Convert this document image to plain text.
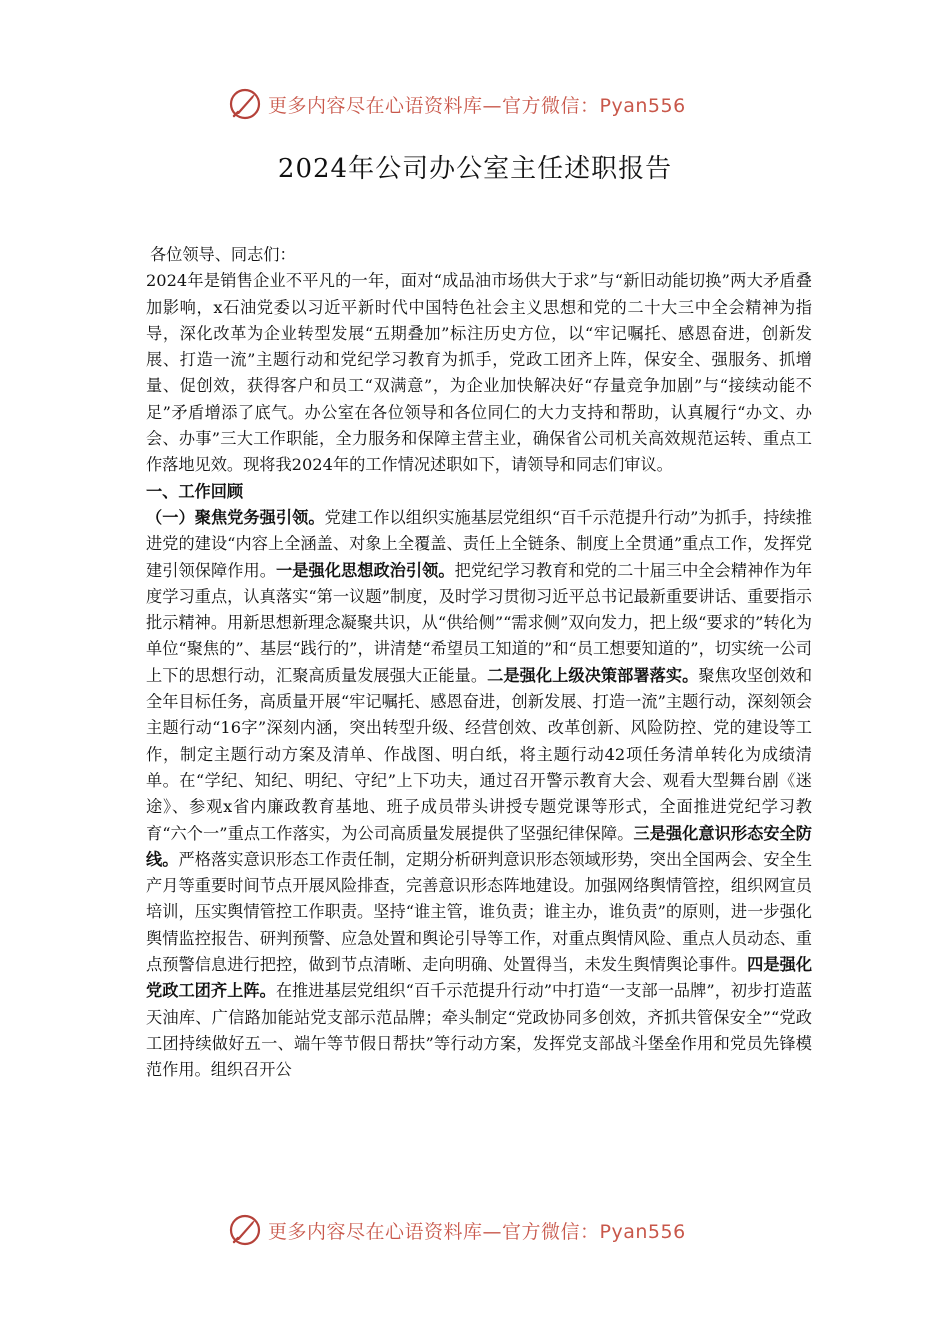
更多内容尽在心语资料库—官方微信：Pyan556
2024年公司办公室主任述职报告

各位领导、同志们：

2024年是销售企业不平凡的一年，面对“成品油市场供大于求”与“新旧动能切换”两大矛盾叠加影响，x石油党委以习近平新时代中国特色社会主义思想和党的二十大三中全会精神为指导，深化改革为企业转型发展“五期叠加”标注历史方位，以“牢记嘱托、感恩奋进，创新发展、打造一流”主题行动和党纪学习教育为抓手，党政工团齐上阵，保安全、强服务、抓增量、促创效，获得客户和员工“双满意”，为企业加快解决好“存量竞争加剧”与“接续动能不足”矛盾增添了底气。办公室在各位领导和各位同仁的大力支持和帮助，认真履行“办文、办会、办事”三大工作职能，全力服务和保障主营主业，确保省公司机关高效规范运转、重点工作落地见效。现将我2024年的工作情况述职如下，请领导和同志们审议。

一、工作回顾

（一）聚焦党务强引领。党建工作以组织实施基层党组织“百千示范提升行动”为抓手，持续推进党的建设“内容上全涵盖、对象上全覆盖、责任上全链条、制度上全贯通”重点工作，发挥党建引领保障作用。一是强化思想政治引领。把党纪学习教育和党的二十届三中全会精神作为年度学习重点，认真落实“第一议题”制度，及时学习贯彻习近平总书记最新重要讲话、重要指示批示精神。用新思想新理念凝聚共识，从“供给侧”“需求侧”双向发力，把上级“要求的”转化为单位“聚焦的”、基层“践行的”，讲清楚“希望员工知道的”和“员工想要知道的”，切实统一公司上下的思想行动，汇聚高质量发展强大正能量。二是强化上级决策部署落实。聚焦攻坚创效和全年目标任务，高质量开展“牢记嘱托、感恩奋进，创新发展、打造一流”主题行动，深刻领会主题行动“16字”深刻内涵，突出转型升级、经营创效、改革创新、风险防控、党的建设等工作，制定主题行动方案及清单、作战图、明白纸，将主题行动42项任务清单转化为成绩清单。在“学纪、知纪、明纪、守纪”上下功夫，通过召开警示教育大会、观看大型舞台剧《迷途》、参观x省内廉政教育基地、班子成员带头讲授专题党课等形式，全面推进党纪学习教育“六个一”重点工作落实，为公司高质量发展提供了坚强纪律保障。三是强化意识形态安全防线。严格落实意识形态工作责任制，定期分析研判意识形态领域形势，突出全国两会、安全生产月等重要时间节点开展风险排查，完善意识形态阵地建设。加强网络舆情管控，组织网宣员培训，压实舆情管控工作职责。坚持“谁主管，谁负责；谁主办，谁负责”的原则，进一步强化舆情监控报告、研判预警、应急处置和舆论引导等工作，对重点舆情风险、重点人员动态、重点预警信息进行把控，做到节点清晰、走向明确、处置得当，未发生舆情舆论事件。四是强化党政工团齐上阵。在推进基层党组织“百千示范提升行动”中打造“一支部一品牌”，初步打造蓝天油库、广信路加能站党支部示范品牌；牵头制定“党政协同多创效，齐抓共管保安全”“党政工团持续做好五一、端午等节假日帮扶”等行动方案，发挥党支部战斗堡垒作用和党员先锋模范作用。组织召开公

更多内容尽在心语资料库—官方微信：Pyan556
